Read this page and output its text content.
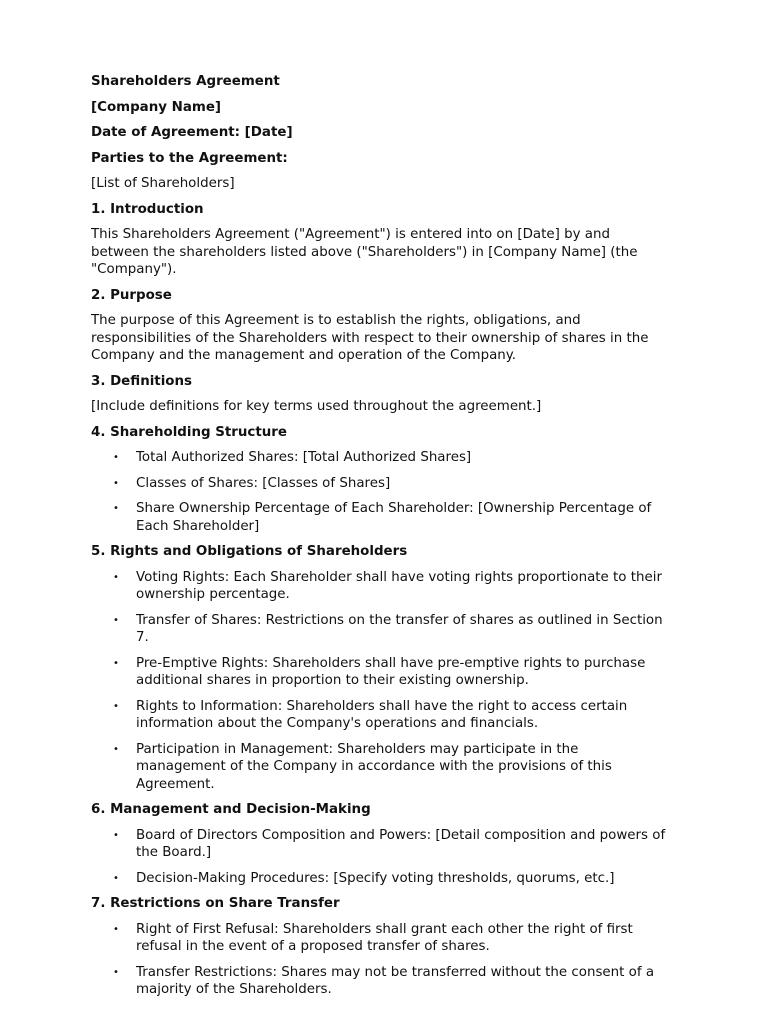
Shareholders Agreement

[Company Name]

Date of Agreement: [Date]

Parties to the Agreement:

[List of Shareholders]

1. Introduction

This Shareholders Agreement ("Agreement") is entered into on [Date] by and between the shareholders listed above ("Shareholders") in [Company Name] (the "Company").

2. Purpose

The purpose of this Agreement is to establish the rights, obligations, and responsibilities of the Shareholders with respect to their ownership of shares in the Company and the management and operation of the Company.

3. Definitions

[Include definitions for key terms used throughout the agreement.]

4. Shareholding Structure

• Total Authorized Shares: [Total Authorized Shares]
• Classes of Shares: [Classes of Shares]
• Share Ownership Percentage of Each Shareholder: [Ownership Percentage of Each Shareholder]

5. Rights and Obligations of Shareholders

• Voting Rights: Each Shareholder shall have voting rights proportionate to their ownership percentage.
• Transfer of Shares: Restrictions on the transfer of shares as outlined in Section 7.
• Pre-Emptive Rights: Shareholders shall have pre-emptive rights to purchase additional shares in proportion to their existing ownership.
• Rights to Information: Shareholders shall have the right to access certain information about the Company's operations and financials.
• Participation in Management: Shareholders may participate in the management of the Company in accordance with the provisions of this Agreement.

6. Management and Decision-Making

• Board of Directors Composition and Powers: [Detail composition and powers of the Board.]
• Decision-Making Procedures: [Specify voting thresholds, quorums, etc.]

7. Restrictions on Share Transfer

• Right of First Refusal: Shareholders shall grant each other the right of first refusal in the event of a proposed transfer of shares.
• Transfer Restrictions: Shares may not be transferred without the consent of a majority of the Shareholders.
